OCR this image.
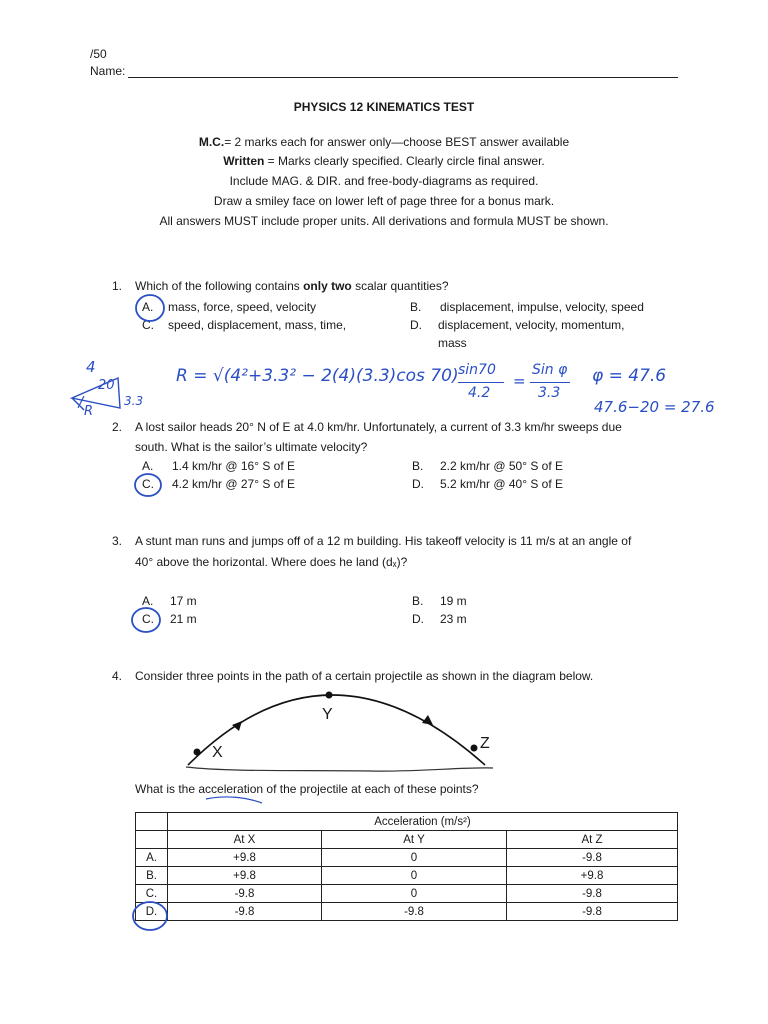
/50
Name:
PHYSICS 12 KINEMATICS TEST
M.C.= 2 marks each for answer only—choose BEST answer available
Written = Marks clearly specified. Clearly circle final answer.
Include MAG. & DIR. and free-body-diagrams as required.
Draw a smiley face on lower left of page three for a bonus mark.
All answers MUST include proper units. All derivations and formula MUST be shown.
1. Which of the following contains only two scalar quantities?
A. mass, force, speed, velocity	B. displacement, impulse, velocity, speed
C. speed, displacement, mass, time,	D. displacement, velocity, momentum,
mass
4
20
3.3
R
R = √(4²+3.3² − 2(4)(3.3)cos 70) sin70
4.2
=
Sin φ
3.3
φ = 47.6
47.6−20 = 27.6
2. A lost sailor heads 20° N of E at 4.0 km/hr. Unfortunately, a current of 3.3 km/hr sweeps due
south. What is the sailor’s ultimate velocity?
A. 1.4 km/hr @ 16° S of E	B. 2.2 km/hr @ 50° S of E
C. 4.2 km/hr @ 27° S of E	D. 5.2 km/hr @ 40° S of E
3. A stunt man runs and jumps off of a 12 m building. His takeoff velocity is 11 m/s at an angle of
40° above the horizontal. Where does he land (dₓ)?
A. 17 m	B. 19 m
C. 21 m	D. 23 m
4. Consider three points in the path of a certain projectile as shown in the diagram below.
X
Y
Z
What is the acceleration of the projectile at each of these points?
	Acceleration (m/s²)		
	At X	At Y	At Z
A.	+9.8	0	-9.8
B.	+9.8	0	+9.8
C.	-9.8	0	-9.8
D.	-9.8	-9.8	-9.8
